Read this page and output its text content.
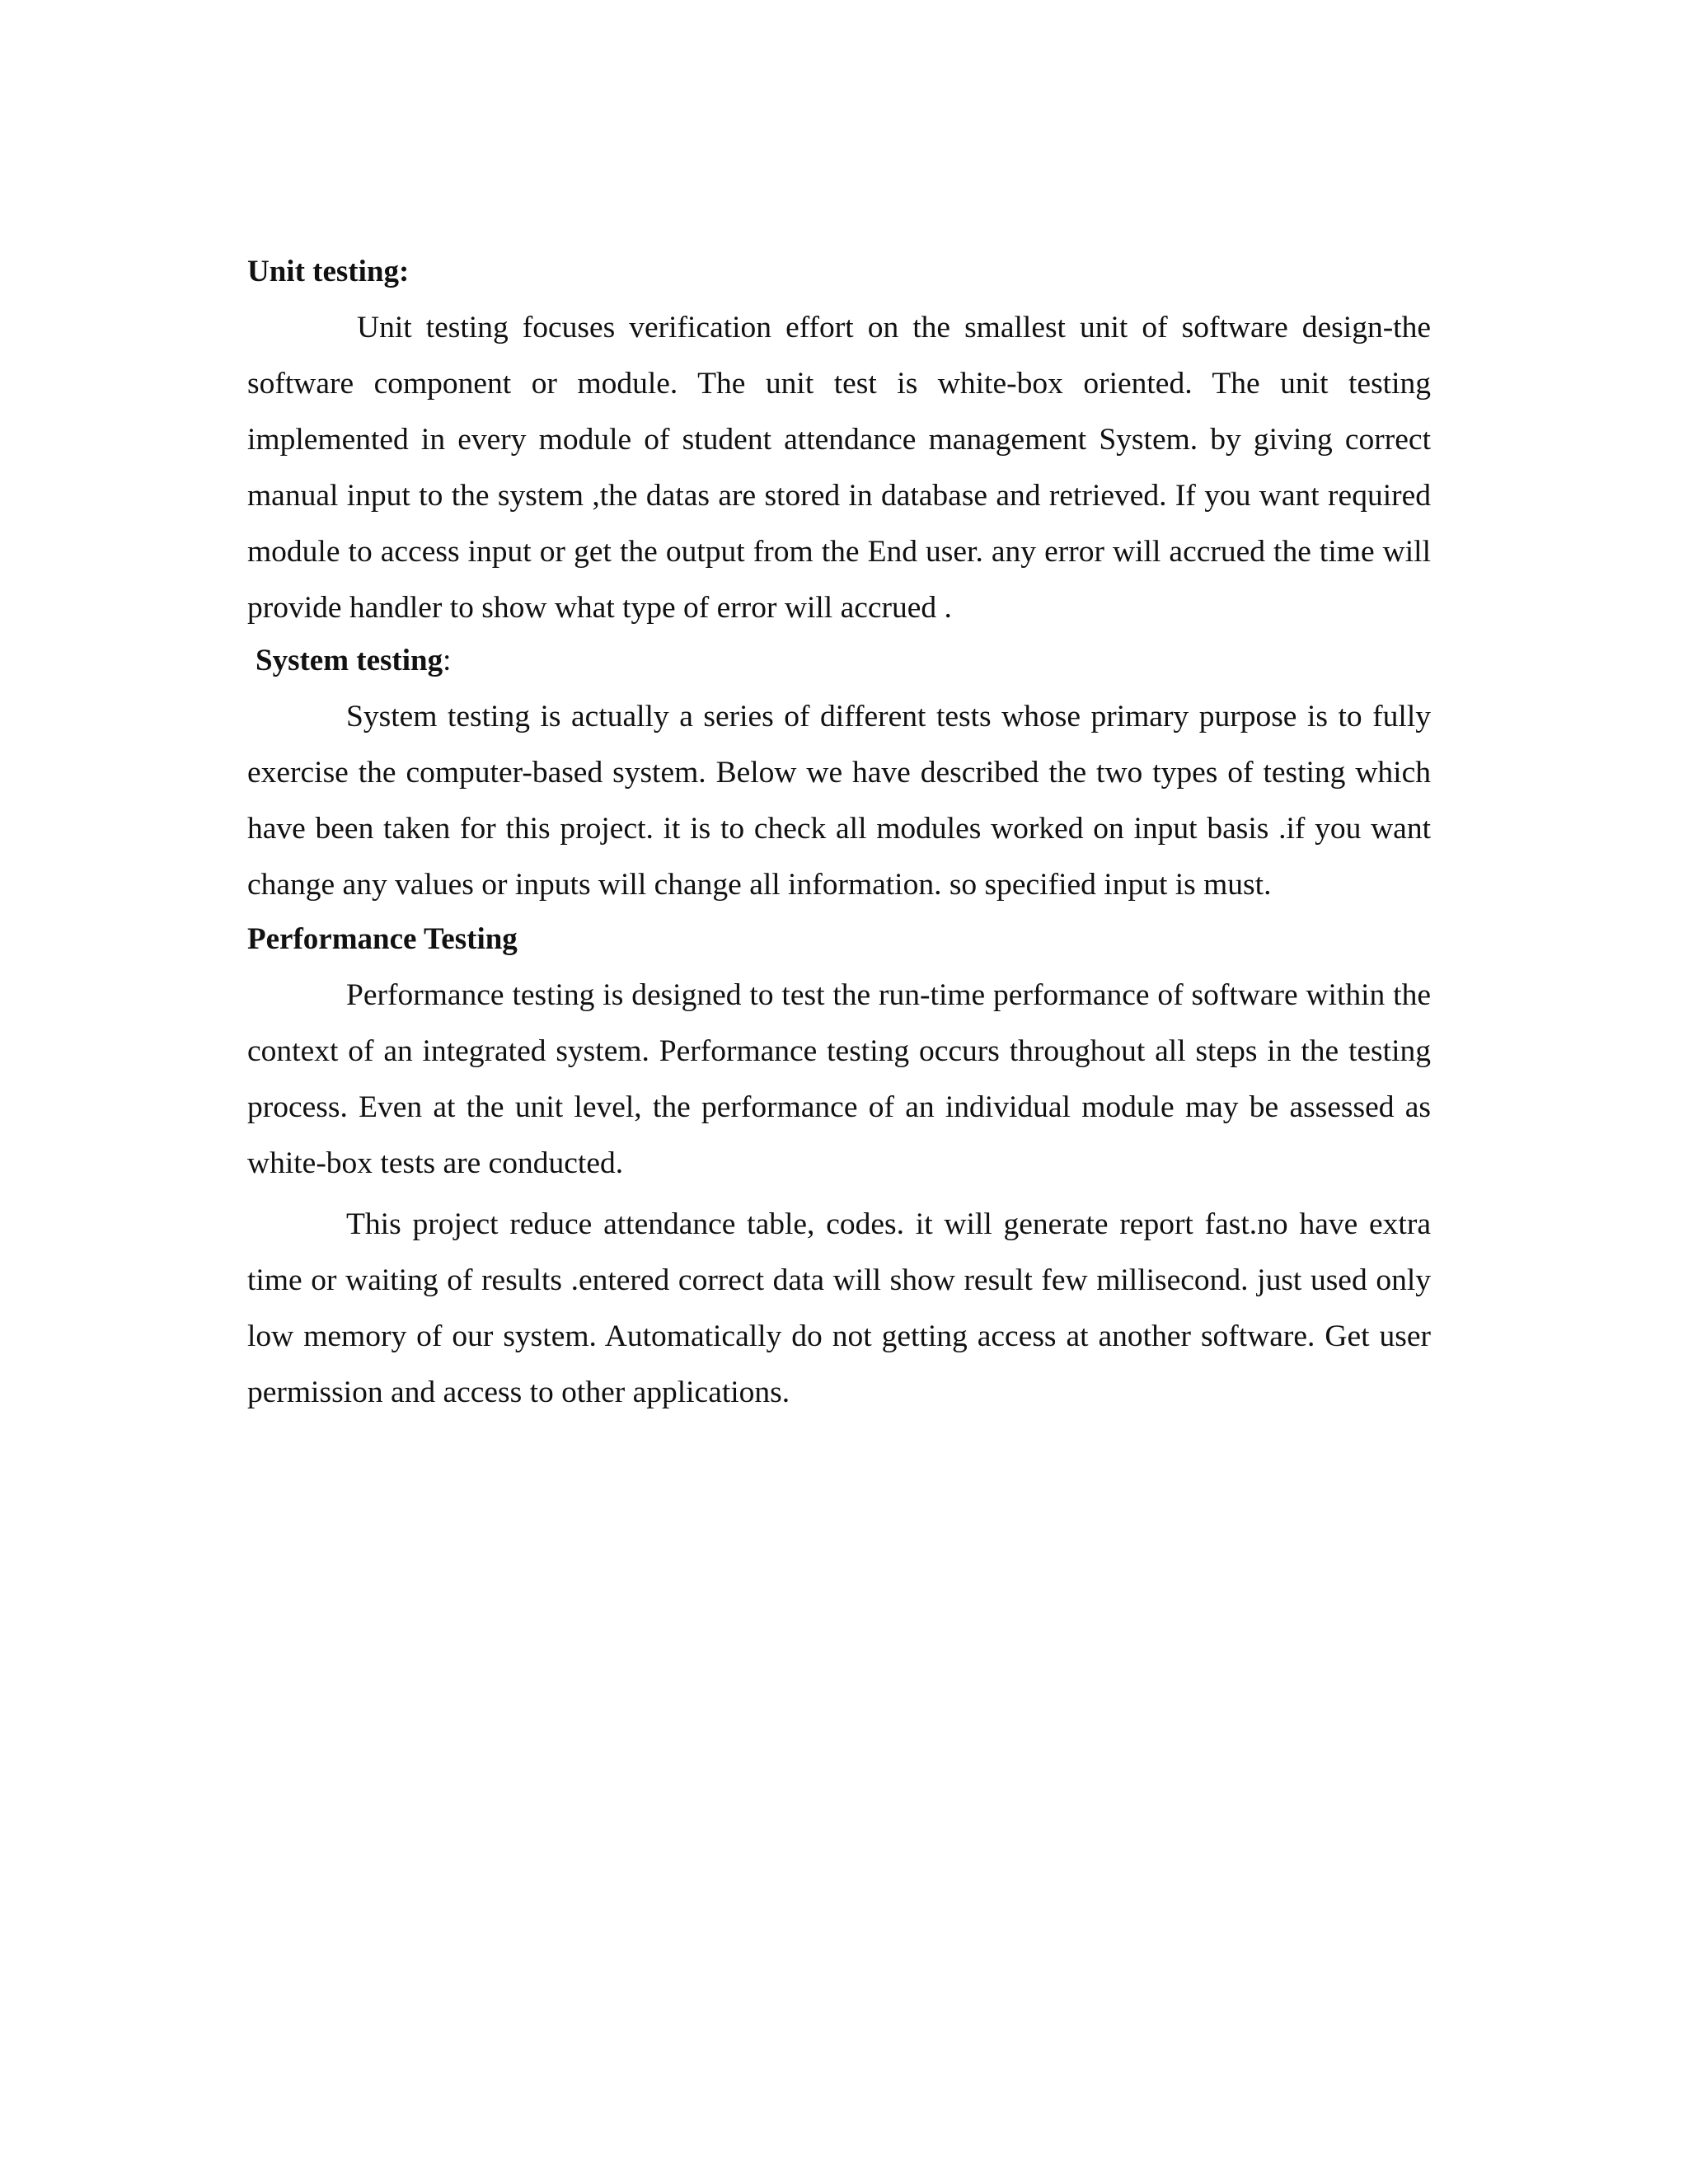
Unit testing:

Unit testing focuses verification effort on the smallest unit of software design-the software component or module. The unit test is white-box oriented. The unit testing implemented in every module of student attendance management System. by giving correct manual input to the system ,the datas are stored in database and retrieved. If you want required module to access input or get the output from the End user. any error will accrued the time will provide handler to show what type of error will accrued .

System testing:

System testing is actually a series of different tests whose primary purpose is to fully exercise the computer-based system. Below we have described the two types of testing which have been taken for this project. it is to check all modules worked on input basis .if you want change any values or inputs will change all information. so specified input is must.

Performance Testing

Performance testing is designed to test the run-time performance of software within the context of an integrated system. Performance testing occurs throughout all steps in the testing process. Even at the unit level, the performance of an individual module may be assessed as white-box tests are conducted.

This project reduce attendance table, codes. it will generate report fast.no have extra time or waiting of results .entered correct data will show result few millisecond. just used only low memory of our system. Automatically do not getting access at another software. Get user permission and access to other applications.
